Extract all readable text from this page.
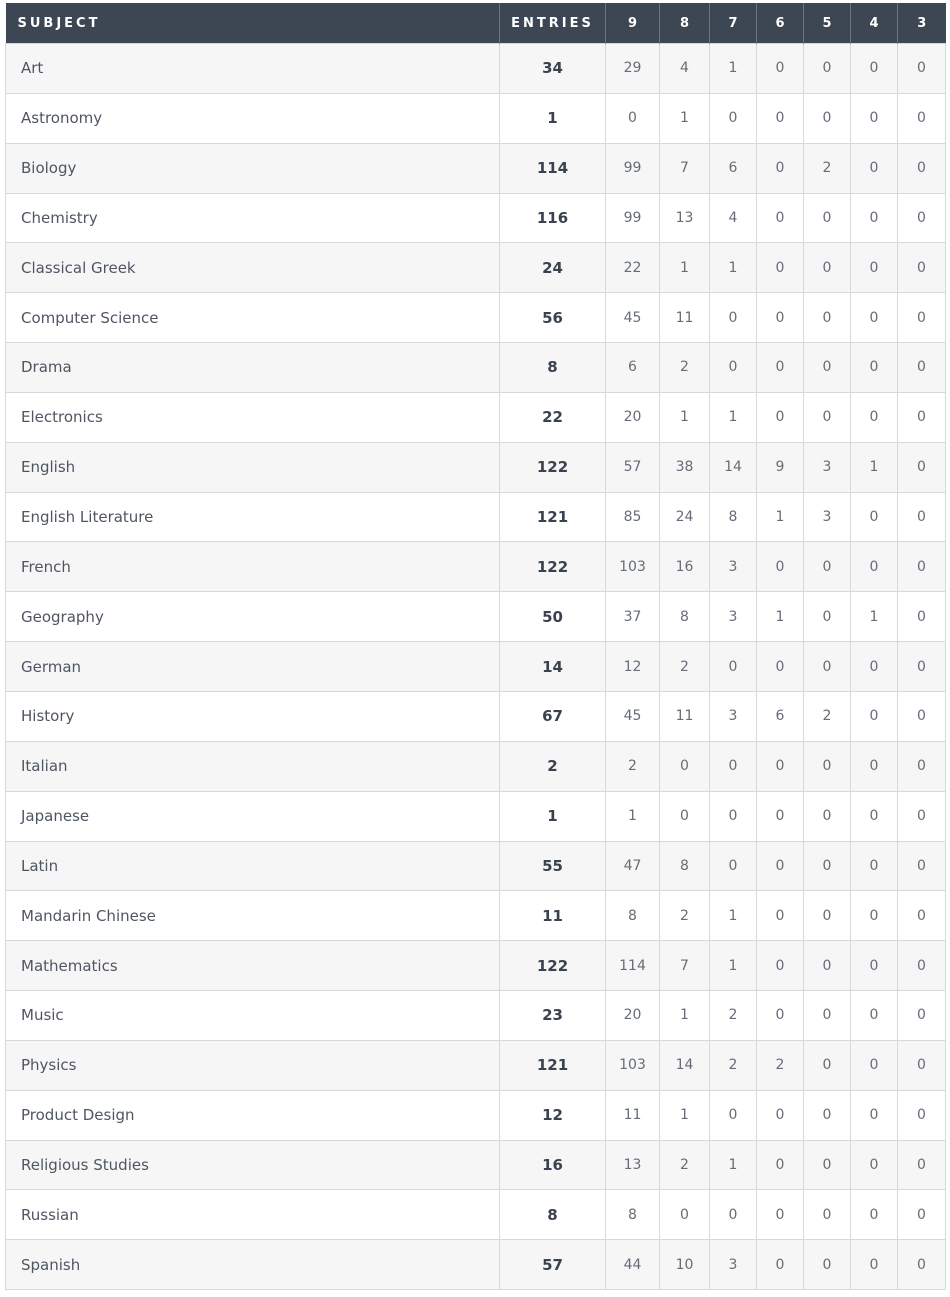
SUBJECT	ENTRIES	9	8	7	6	5	4	3
Art	34	29	4	1	0	0	0	0
Astronomy	1	0	1	0	0	0	0	0
Biology	114	99	7	6	0	2	0	0
Chemistry	116	99	13	4	0	0	0	0
Classical Greek	24	22	1	1	0	0	0	0
Computer Science	56	45	11	0	0	0	0	0
Drama	8	6	2	0	0	0	0	0
Electronics	22	20	1	1	0	0	0	0
English	122	57	38	14	9	3	1	0
English Literature	121	85	24	8	1	3	0	0
French	122	103	16	3	0	0	0	0
Geography	50	37	8	3	1	0	1	0
German	14	12	2	0	0	0	0	0
History	67	45	11	3	6	2	0	0
Italian	2	2	0	0	0	0	0	0
Japanese	1	1	0	0	0	0	0	0
Latin	55	47	8	0	0	0	0	0
Mandarin Chinese	11	8	2	1	0	0	0	0
Mathematics	122	114	7	1	0	0	0	0
Music	23	20	1	2	0	0	0	0
Physics	121	103	14	2	2	0	0	0
Product Design	12	11	1	0	0	0	0	0
Religious Studies	16	13	2	1	0	0	0	0
Russian	8	8	0	0	0	0	0	0
Spanish	57	44	10	3	0	0	0	0
